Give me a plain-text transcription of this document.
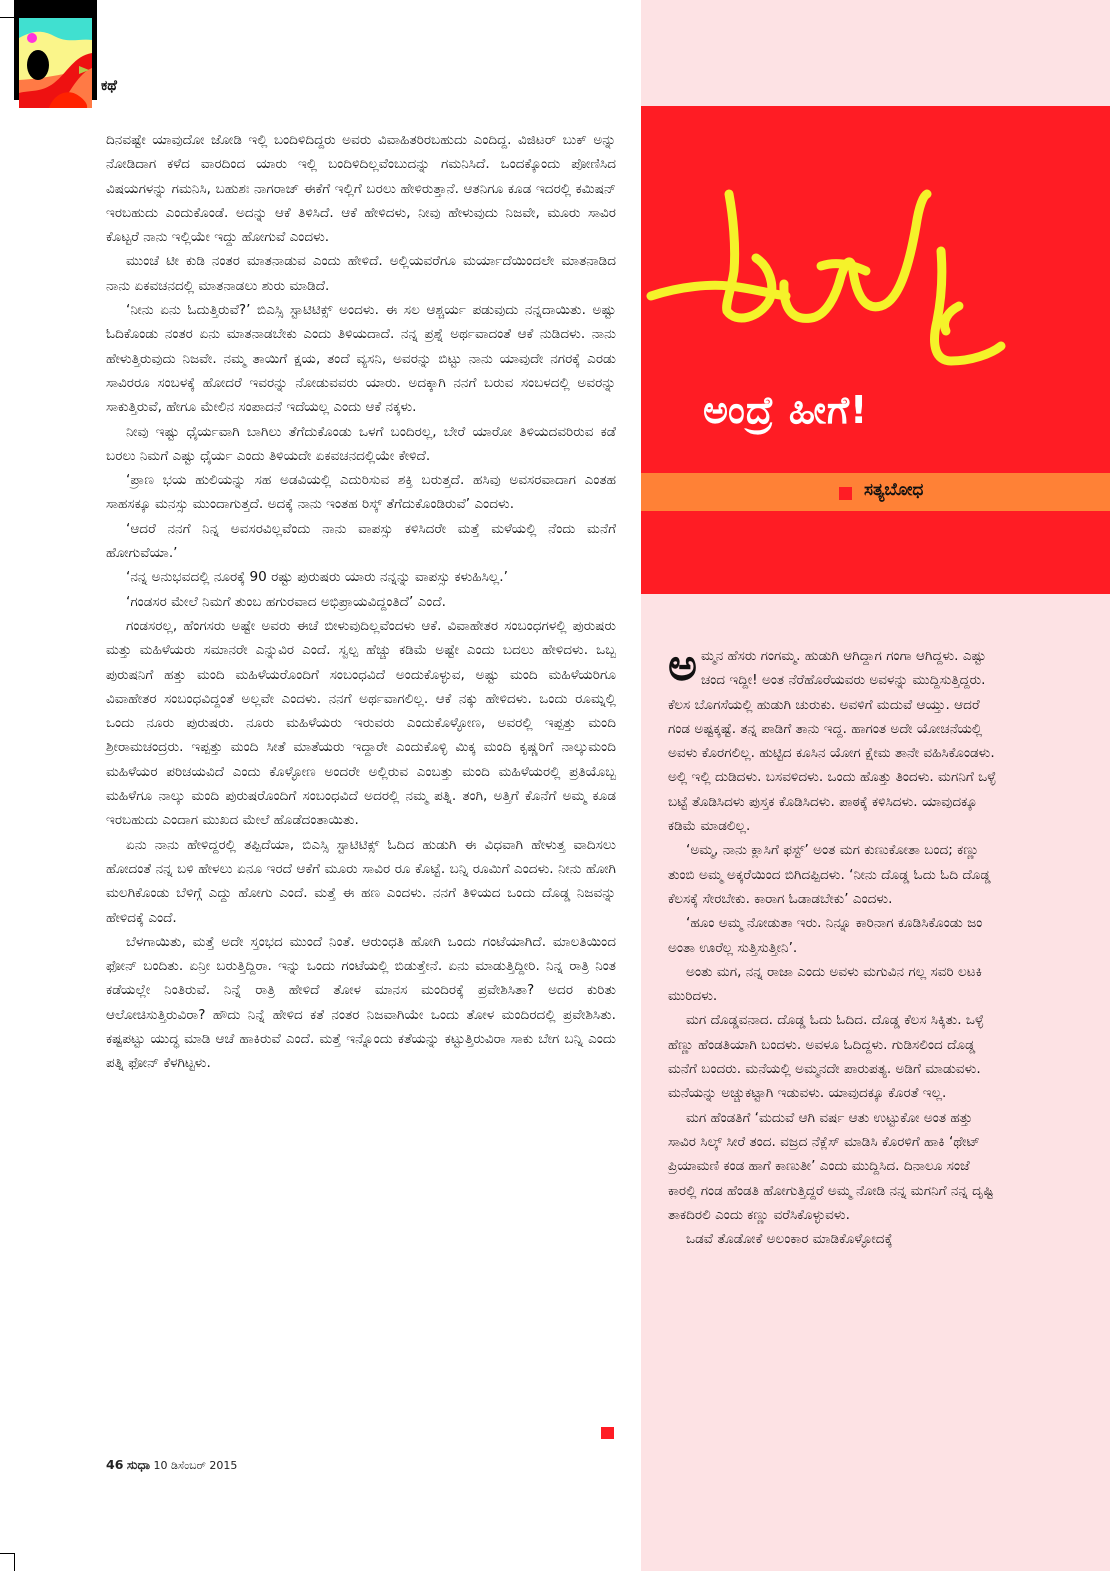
ಕಥೆ

ದಿನವಷ್ಟೇ ಯಾವುದೋ ಜೋಡಿ ಇಲ್ಲಿ ಬಂದಿಳಿದಿದ್ದರು ಅವರು ವಿವಾಹಿತರಿರಬಹುದು ಎಂದಿದ್ದ. ವಿಜಿಟರ್ ಬುಕ್ ಅನ್ನು ನೋಡಿದಾಗ ಕಳೆದ ವಾರದಿಂದ ಯಾರು ಇಲ್ಲಿ ಬಂದಿಳಿದಿಲ್ಲವೆಂಬುದನ್ನು ಗಮನಿಸಿದೆ. ಒಂದಕ್ಕೊಂದು ಪೋಣಿಸಿದ ವಿಷಯಗಳನ್ನು ಗಮನಿಸಿ, ಬಹುಶಃ ನಾಗರಾಜ್ ಈಕೆಗೆ ಇಲ್ಲಿಗೆ ಬರಲು ಹೇಳಿರುತ್ತಾನೆ. ಆತನಿಗೂ ಕೂಡ ಇದರಲ್ಲಿ ಕಮಿಷನ್ ಇರಬಹುದು ಎಂದುಕೊಂಡೆ. ಅದನ್ನು ಆಕೆ ತಿಳಿಸಿದೆ. ಆಕೆ ಹೇಳಿದಳು, ನೀವು ಹೇಳುವುದು ನಿಜವೇ, ಮೂರು ಸಾವಿರ ಕೊಟ್ಟರೆ ನಾನು ಇಲ್ಲಿಯೇ ಇದ್ದು ಹೋಗುವೆ ಎಂದಳು.

ಮುಂಚೆ ಟೀ ಕುಡಿ ನಂತರ ಮಾತನಾಡುವ ಎಂದು ಹೇಳಿದೆ. ಅಲ್ಲಿಯವರೆಗೂ ಮರ್ಯಾದೆಯಿಂದಲೇ ಮಾತನಾಡಿದ ನಾನು ಏಕವಚನದಲ್ಲಿ ಮಾತನಾಡಲು ಶುರು ಮಾಡಿದೆ.

‘ನೀನು ಏನು ಓದುತ್ತಿರುವೆ?’ ಬಿಎಸ್ಸಿ ಸ್ಟಾಟಿಟಿಕ್ಸ್ ಅಂದಳು. ಈ ಸಲ ಆಶ್ಚರ್ಯ ಪಡುವುದು ನನ್ನದಾಯಿತು. ಅಷ್ಟು ಓದಿಕೊಂಡು ನಂತರ ಏನು ಮಾತನಾಡಬೇಕು ಎಂದು ತಿಳಿಯದಾದೆ. ನನ್ನ ಪ್ರಶ್ನೆ ಅರ್ಥವಾದಂತೆ ಆಕೆ ನುಡಿದಳು. ನಾನು ಹೇಳುತ್ತಿರುವುದು ನಿಜವೇ. ನಮ್ಮ ತಾಯಿಗೆ ಕ್ಷಯ, ತಂದೆ ವ್ಯಸನಿ, ಅವರನ್ನು ಬಿಟ್ಟು ನಾನು ಯಾವುದೇ ನಗರಕ್ಕೆ ಎರಡು ಸಾವಿರರೂ ಸಂಬಳಕ್ಕೆ ಹೋದರೆ ಇವರನ್ನು ನೋಡುವವರು ಯಾರು. ಅದಕ್ಕಾಗಿ ನನಗೆ ಬರುವ ಸಂಬಳದಲ್ಲಿ ಅವರನ್ನು ಸಾಕುತ್ತಿರುವೆ, ಹೇಗೂ ಮೇಲಿನ ಸಂಪಾದನೆ ಇದೆಯಲ್ಲ ಎಂದು ಆಕೆ ನಕ್ಕಳು.

ನೀವು ಇಷ್ಟು ಧೈರ್ಯವಾಗಿ ಬಾಗಿಲು ತೆಗೆದುಕೊಂಡು ಒಳಗೆ ಬಂದಿರಲ್ಲ, ಬೇರೆ ಯಾರೋ ತಿಳಿಯದವರಿರುವ ಕಡೆ ಬರಲು ನಿಮಗೆ ಎಷ್ಟು ಧೈರ್ಯ ಎಂದು ತಿಳಿಯದೇ ಏಕವಚನದಲ್ಲಿಯೇ ಕೇಳಿದೆ.

‘ಪ್ರಾಣ ಭಯ ಹುಲಿಯನ್ನು ಸಹ ಅಡವಿಯಲ್ಲಿ ಎದುರಿಸುವ ಶಕ್ತಿ ಬರುತ್ತದೆ. ಹಸಿವು ಅವಸರವಾದಾಗ ಎಂತಹ ಸಾಹಸಕ್ಕೂ ಮನಸ್ಸು ಮುಂದಾಗುತ್ತದೆ. ಅದಕ್ಕೆ ನಾನು ಇಂತಹ ರಿಸ್ಕ್ ತೆಗೆದುಕೊಂಡಿರುವೆ’ ಎಂದಳು.

‘ಆದರೆ ನನಗೆ ನಿನ್ನ ಅವಸರವಿಲ್ಲವೆಂದು ನಾನು ವಾಪಸ್ಸು ಕಳಿಸಿದರೇ ಮತ್ತೆ ಮಳೆಯಲ್ಲಿ ನೆಂದು ಮನೆಗೆ ಹೋಗುವೆಯಾ.’

‘ನನ್ನ ಅನುಭವದಲ್ಲಿ ನೂರಕ್ಕೆ 90 ರಷ್ಟು ಪುರುಷರು ಯಾರು ನನ್ನನ್ನು ವಾಪಸ್ಸು ಕಳುಹಿಸಿಲ್ಲ.’

‘ಗಂಡಸರ ಮೇಲೆ ನಿಮಗೆ ತುಂಬ ಹಗುರವಾದ ಅಭಿಪ್ರಾಯವಿದ್ದಂತಿದೆ’ ಎಂದೆ.

ಗಂಡಸರಲ್ಲ, ಹೆಂಗಸರು ಅಷ್ಟೇ ಅವರು ಈಚೆ ಬೀಳುವುದಿಲ್ಲವೆಂದಳು ಆಕೆ. ವಿವಾಹೇತರ ಸಂಬಂಧಗಳಲ್ಲಿ ಪುರುಷರು ಮತ್ತು ಮಹಿಳೆಯರು ಸಮಾನರೇ ಎನ್ನುವಿರ ಎಂದೆ. ಸ್ವಲ್ಪ ಹೆಚ್ಚು ಕಡಿಮೆ ಅಷ್ಟೇ ಎಂದು ಬದಲು ಹೇಳಿದಳು. ಒಬ್ಬ ಪುರುಷನಿಗೆ ಹತ್ತು ಮಂದಿ ಮಹಿಳೆಯರೊಂದಿಗೆ ಸಂಬಂಧವಿದೆ ಅಂದುಕೊಳ್ಳುವ, ಅಷ್ಟು ಮಂದಿ ಮಹಿಳೆಯರಿಗೂ ವಿವಾಹೇತರ ಸಂಬಂಧವಿದ್ದಂತೆ ಅಲ್ಲವೇ ಎಂದಳು. ನನಗೆ ಅರ್ಥವಾಗಲಿಲ್ಲ. ಆಕೆ ನಕ್ಕು ಹೇಳಿದಳು. ಒಂದು ರೂಮ್ನಲ್ಲಿ ಒಂದು ನೂರು ಪುರುಷರು. ನೂರು ಮಹಿಳೆಯರು ಇರುವರು ಎಂದುಕೊಳ್ಳೋಣ, ಅವರಲ್ಲಿ ಇಪ್ಪತ್ತು ಮಂದಿ ಶ್ರೀರಾಮಚಂದ್ರರು. ಇಪ್ಪತ್ತು ಮಂದಿ ಸೀತೆ ಮಾತೆಯರು ಇದ್ದಾರೇ ಎಂದುಕೊಳ್ಳಿ ಮಿಕ್ಕ ಮಂದಿ ಕೃಷ್ಣರಿಗೆ ನಾಲ್ಕುಮಂದಿ ಮಹಿಳೆಯರ ಪರಿಚಯವಿದೆ ಎಂದು ಕೊಳ್ಳೋಣ ಅಂದರೇ ಅಲ್ಲಿರುವ ಎಂಬತ್ತು ಮಂದಿ ಮಹಿಳೆಯರಲ್ಲಿ ಪ್ರತಿಯೊಬ್ಬ ಮಹಿಳೆಗೂ ನಾಲ್ಕು ಮಂದಿ ಪುರುಷರೊಂದಿಗೆ ಸಂಬಂಧವಿದೆ ಅದರಲ್ಲಿ ನಮ್ಮ ಪತ್ನಿ. ತಂಗಿ, ಅತ್ತಿಗೆ ಕೊನೆಗೆ ಅಮ್ಮ ಕೂಡ ಇರಬಹುದು ಎಂದಾಗ ಮುಖದ ಮೇಲೆ ಹೊಡೆದಂತಾಯಿತು.

ಏನು ನಾನು ಹೇಳಿದ್ದರಲ್ಲಿ ತಪ್ಪಿದೆಯಾ, ಬಿಎಸ್ಸಿ ಸ್ಟಾಟಿಟಿಕ್ಸ್ ಓದಿದ ಹುಡುಗಿ ಈ ವಿಧವಾಗಿ ಹೇಳುತ್ತ ವಾದಿಸಲು ಹೋದಂತೆ ನನ್ನ ಬಳಿ ಹೇಳಲು ಏನೂ ಇರದೆ ಆಕೆಗೆ ಮೂರು ಸಾವಿರ ರೂ ಕೊಟ್ಟೆ. ಬನ್ನಿ ರೂಮಿಗೆ ಎಂದಳು. ನೀನು ಹೋಗಿ ಮಲಗಿಕೊಂಡು ಬೆಳಿಗ್ಗೆ ಎದ್ದು ಹೋಗು ಎಂದೆ. ಮತ್ತೆ ಈ ಹಣ ಎಂದಳು. ನನಗೆ ತಿಳಿಯದ ಒಂದು ದೊಡ್ಡ ನಿಜವನ್ನು ಹೇಳಿದಕ್ಕೆ ಎಂದೆ.

ಬೆಳಗಾಯಿತು, ಮತ್ತೆ ಅದೇ ಸ್ತಂಭದ ಮುಂದೆ ನಿಂತೆ. ಆರುಂಧತಿ ಹೋಗಿ ಒಂದು ಗಂಟೆಯಾಗಿದೆ. ಮಾಲತಿಯಿಂದ ಫೋನ್ ಬಂದಿತು. ಏನ್ರೀ ಬರುತ್ತಿದ್ದಿರಾ. ಇನ್ನು ಒಂದು ಗಂಟೆಯಲ್ಲಿ ಬಿಡುತ್ತೇನೆ. ಏನು ಮಾಡುತ್ತಿದ್ದೀರಿ. ನಿನ್ನ ರಾತ್ರಿ ನಿಂತ ಕಡೆಯಲ್ಲೇ ನಿಂತಿರುವೆ. ನಿನ್ನೆ ರಾತ್ರಿ ಹೇಳಿದೆ ತೋಳ ಮಾನಸ ಮಂದಿರಕ್ಕೆ ಪ್ರವೇಶಿಸಿತಾ? ಅದರ ಕುರಿತು ಆಲೋಚಿಸುತ್ತಿರುವಿರಾ? ಹೌದು ನಿನ್ನೆ ಹೇಳಿದ ಕತೆ ನಂತರ ನಿಜವಾಗಿಯೇ ಒಂದು ತೋಳ ಮಂದಿರದಲ್ಲಿ ಪ್ರವೇಶಿಸಿತು. ಕಷ್ಟಪಟ್ಟು ಯುದ್ಧ ಮಾಡಿ ಆಚೆ ಹಾಕಿರುವೆ ಎಂದೆ. ಮತ್ತೆ ಇನ್ನೊಂದು ಕತೆಯನ್ನು ಕಟ್ಟುತ್ತಿರುವಿರಾ ಸಾಕು ಬೇಗ ಬನ್ನಿ ಎಂದು ಪತ್ನಿ ಫೋನ್ ಕೆಳಗಿಟ್ಟಳು.

46 ಸುಧಾ 10 ಡಿಸೆಂಬರ್ 2015
ಅಂದ್ರೆ ಹೀಗೆ!
ಸತ್ಯಬೋಧ

ಅಮ್ಮನ ಹೆಸರು ಗಂಗಮ್ಮ. ಹುಡುಗಿ ಆಗಿದ್ದಾಗ ಗಂಗಾ ಆಗಿದ್ದಳು. ಎಷ್ಟು ಚಂದ ಇದ್ದೀ! ಅಂತ ನೆರೆಹೊರೆಯವರು ಅವಳನ್ನು ಮುದ್ದಿಸುತ್ತಿದ್ದರು. ಕೆಲಸ ಬೊಗಸೆಯಲ್ಲಿ ಹುಡುಗಿ ಚುರುಕು. ಅವಳಿಗೆ ಮದುವೆ ಆಯ್ತು. ಆದರೆ ಗಂಡ ಅಷ್ಟಕ್ಕಷ್ಟೆ. ತನ್ನ ಪಾಡಿಗೆ ತಾನು ಇದ್ದ. ಹಾಗಂತ ಅದೇ ಯೋಚನೆಯಲ್ಲಿ ಅವಳು ಕೊರಗಲಿಲ್ಲ. ಹುಟ್ಟಿದ ಕೂಸಿನ ಯೋಗ ಕ್ಷೇಮ ತಾನೇ ವಹಿಸಿಕೊಂಡಳು. ಅಲ್ಲಿ ಇಲ್ಲಿ ದುಡಿದಳು. ಬಸವಳಿದಳು. ಒಂದು ಹೊತ್ತು ತಿಂದಳು. ಮಗನಿಗೆ ಒಳ್ಳೆ ಬಟ್ಟೆ ತೊಡಿಸಿದಳು ಪುಸ್ತಕ ಕೊಡಿಸಿದಳು. ಪಾಠಕ್ಕೆ ಕಳಿಸಿದಳು. ಯಾವುದಕ್ಕೂ ಕಡಿಮೆ ಮಾಡಲಿಲ್ಲ.

‘ಅಮ್ಮ, ನಾನು ಕ್ಲಾಸಿಗೆ ಫಸ್ಟ್’ ಅಂತ ಮಗ ಕುಣುಕೋತಾ ಬಂದ; ಕಣ್ಣು ತುಂಬಿ ಅಮ್ಮ ಅಕ್ಕರೆಯಿಂದ ಬಿಗಿದಪ್ಪಿದಳು. ‘ನೀನು ದೊಡ್ಡ ಓದು ಓದಿ ದೊಡ್ಡ ಕೆಲಸಕ್ಕೆ ಸೇರಬೇಕು. ಕಾರಾಗ ಓಡಾಡಬೇಕು’ ಎಂದಳು.

‘ಹೂಂ ಅಮ್ಮ ನೋಡುತಾ ಇರು. ನಿನ್ನೂ ಕಾರಿನಾಗ ಕೂಡಿಸಿಕೊಂಡು ಜಂ ಅಂತಾ ಊರೆಲ್ಲ ಸುತ್ತಿಸುತ್ತೀನಿ’.

ಅಂತು ಮಗ, ನನ್ನ ರಾಜಾ ಎಂದು ಅವಳು ಮಗುವಿನ ಗಲ್ಲ ಸವರಿ ಲಟಕಿ ಮುರಿದಳು.

ಮಗ ದೊಡ್ಡವನಾದ. ದೊಡ್ಡ ಓದು ಓದಿದ. ದೊಡ್ಡ ಕೆಲಸ ಸಿಕ್ಕಿತು. ಒಳ್ಳೆ ಹೆಣ್ಣು ಹೆಂಡತಿಯಾಗಿ ಬಂದಳು. ಅವಳೂ ಓದಿದ್ದಳು. ಗುಡಿಸಲಿಂದ ದೊಡ್ಡ ಮನೆಗೆ ಬಂದರು. ಮನೆಯಲ್ಲಿ ಅಮ್ಮನದೇ ಪಾರುಪತ್ಯ. ಅಡಿಗೆ ಮಾಡುವಳು. ಮನೆಯನ್ನು ಅಚ್ಚುಕಟ್ಟಾಗಿ ಇಡುವಳು. ಯಾವುದಕ್ಕೂ ಕೊರತೆ ಇಲ್ಲ.

ಮಗ ಹೆಂಡತಿಗೆ ‘ಮದುವೆ ಆಗಿ ವರ್ಷ ಆತು ಉಟ್ಟುಕೋ ಅಂತ ಹತ್ತು ಸಾವಿರ ಸಿಲ್ಕ್ ಸೀರೆ ತಂದ. ವಜ್ರದ ನೆಕ್ಲೆಸ್ ಮಾಡಿಸಿ ಕೊರಳಿಗೆ ಹಾಕಿ ‘ಥೇಟ್ ಪ್ರಿಯಾಮಣಿ ಕಂಡ ಹಾಗೆ ಕಾಣುತೀ’ ಎಂದು ಮುದ್ದಿಸಿದ. ದಿನಾಲೂ ಸಂಜೆ ಕಾರಲ್ಲಿ ಗಂಡ ಹೆಂಡತಿ ಹೋಗುತ್ತಿದ್ದರೆ ಅಮ್ಮ ನೋಡಿ ನನ್ನ ಮಗನಿಗೆ ನನ್ನ ದೃಷ್ಟಿ ತಾಕದಿರಲಿ ಎಂದು ಕಣ್ಣು ವರೆಸಿಕೊಳ್ಳುವಳು.

ಒಡವೆ ತೊಡೋಕೆ ಅಲಂಕಾರ ಮಾಡಿಕೊಳ್ಳೋದಕ್ಕೆ
